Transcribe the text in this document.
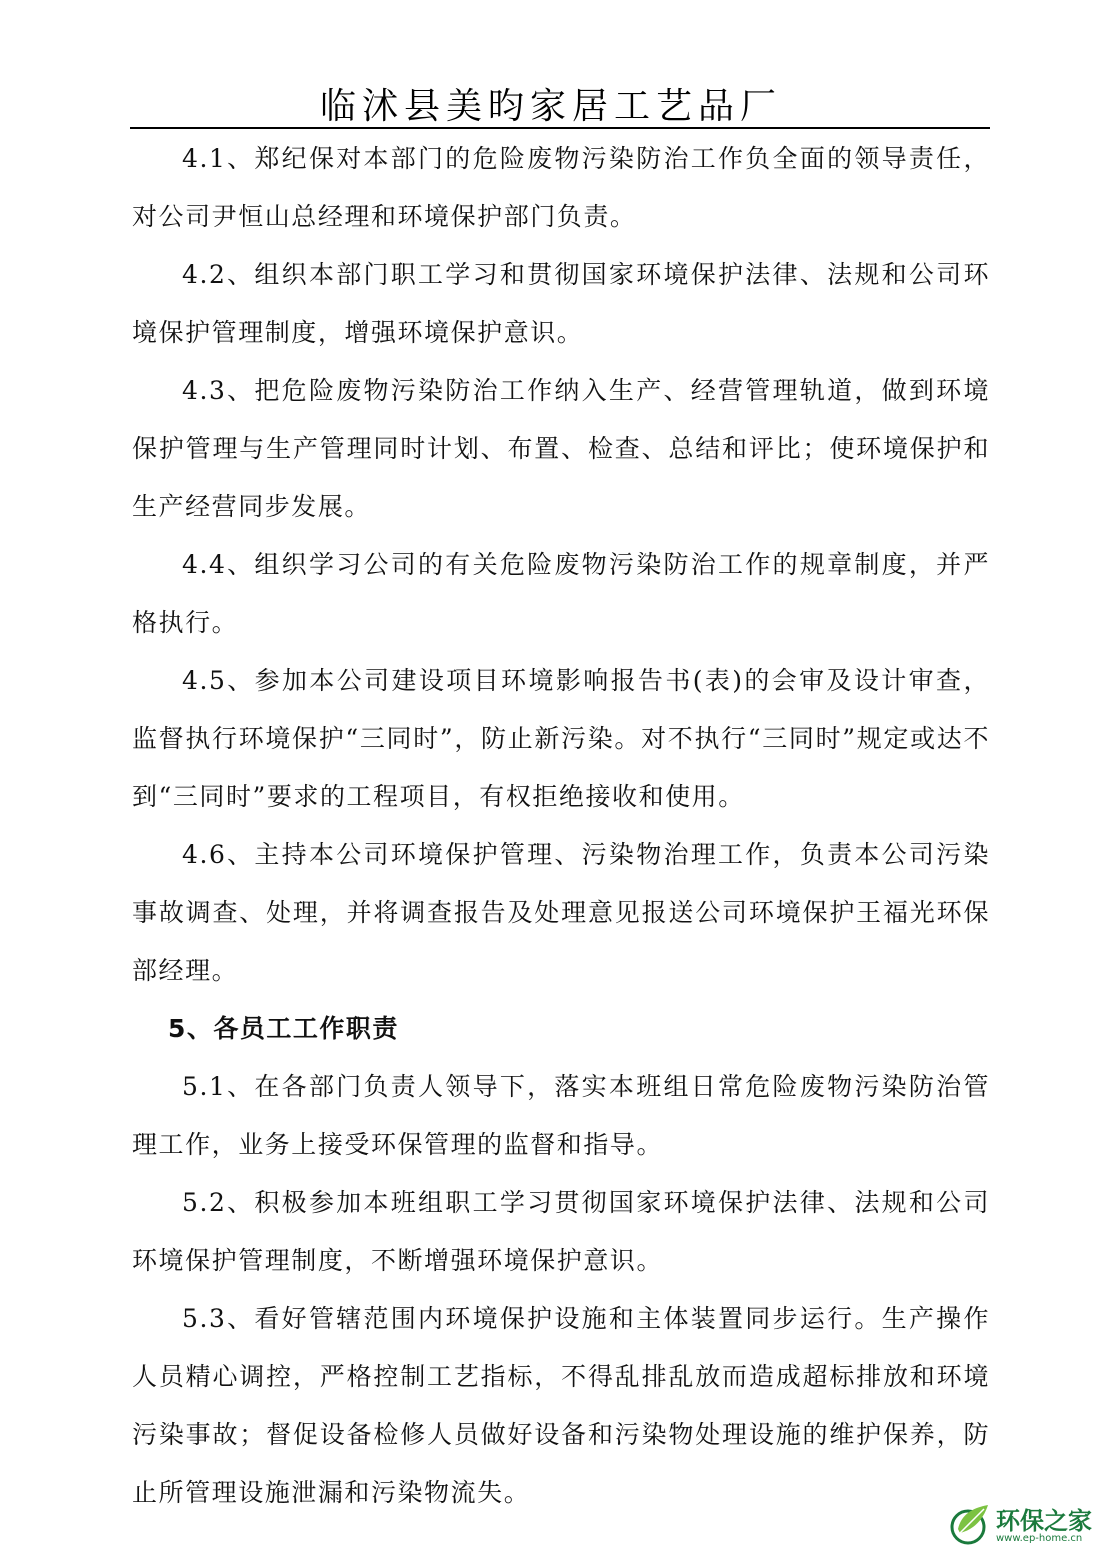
临沭县美昀家居工艺品厂

4.1、郑纪保对本部门的危险废物污染防治工作负全面的领导责任，对公司尹恒山总经理和环境保护部门负责。

4.2、组织本部门职工学习和贯彻国家环境保护法律、法规和公司环境保护管理制度，增强环境保护意识。

4.3、把危险废物污染防治工作纳入生产、经营管理轨道，做到环境保护管理与生产管理同时计划、布置、检查、总结和评比；使环境保护和生产经营同步发展。

4.4、组织学习公司的有关危险废物污染防治工作的规章制度，并严格执行。

4.5、参加本公司建设项目环境影响报告书(表)的会审及设计审查，监督执行环境保护“三同时”，防止新污染。对不执行“三同时”规定或达不到“三同时”要求的工程项目，有权拒绝接收和使用。

4.6、主持本公司环境保护管理、污染物治理工作，负责本公司污染事故调查、处理，并将调查报告及处理意见报送公司环境保护王福光环保部经理。

5、各员工工作职责

5.1、在各部门负责人领导下，落实本班组日常危险废物污染防治管理工作，业务上接受环保管理的监督和指导。

5.2、积极参加本班组职工学习贯彻国家环境保护法律、法规和公司环境保护管理制度，不断增强环境保护意识。

5.3、看好管辖范围内环境保护设施和主体装置同步运行。生产操作人员精心调控，严格控制工艺指标，不得乱排乱放而造成超标排放和环境污染事故；督促设备检修人员做好设备和污染物处理设施的维护保养，防止所管理设施泄漏和污染物流失。

环保之家
www.ep-home.cn
